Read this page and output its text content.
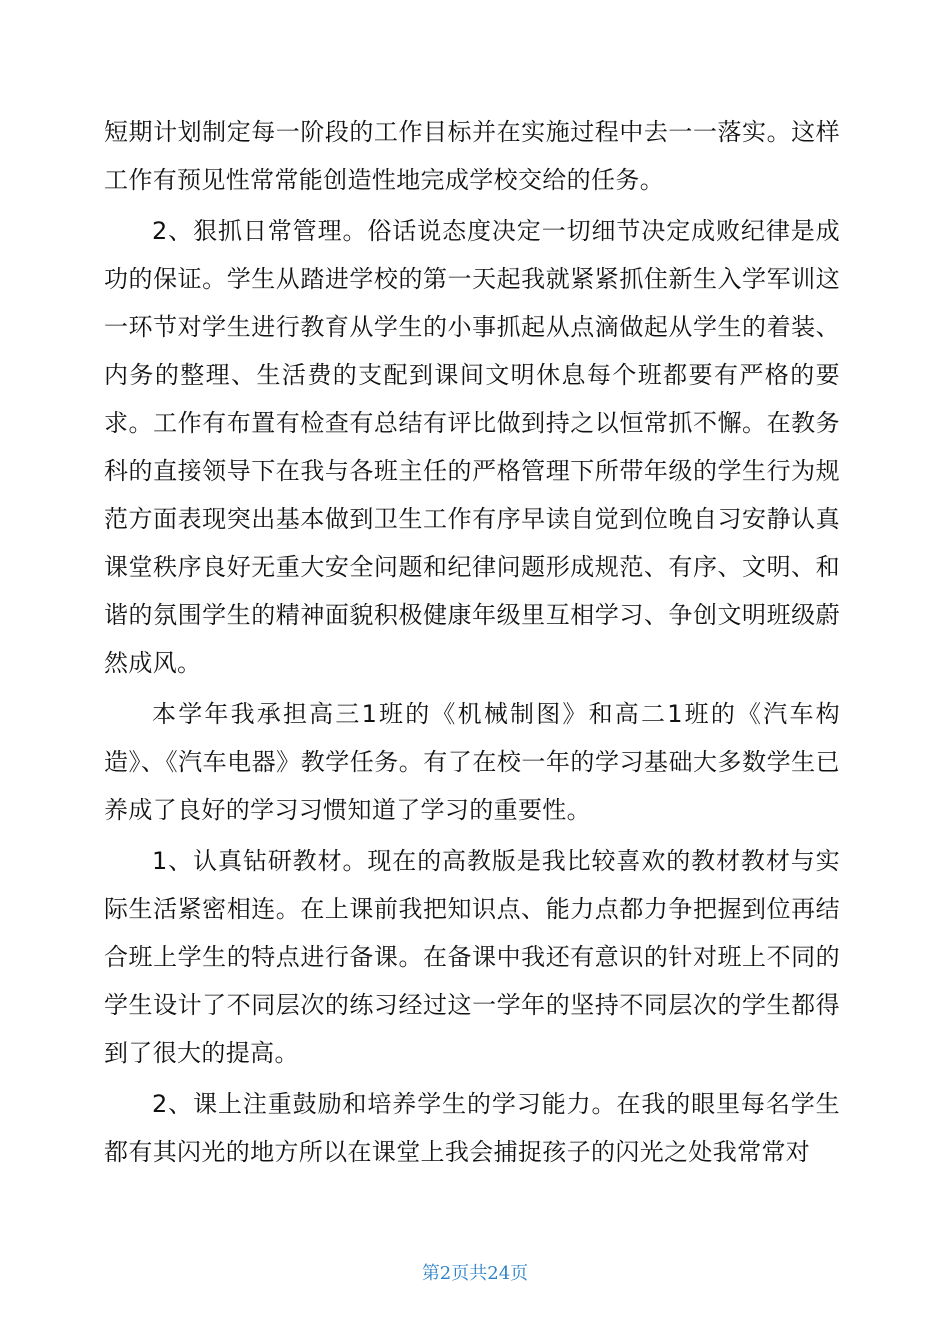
短期计划制定每一阶段的工作目标并在实施过程中去一一落实。这样工作有预见性常常能创造性地完成学校交给的任务。

2、狠抓日常管理。俗话说态度决定一切细节决定成败纪律是成功的保证。学生从踏进学校的第一天起我就紧紧抓住新生入学军训这一环节对学生进行教育从学生的小事抓起从点滴做起从学生的着装、内务的整理、生活费的支配到课间文明休息每个班都要有严格的要求。工作有布置有检查有总结有评比做到持之以恒常抓不懈。在教务科的直接领导下在我与各班主任的严格管理下所带年级的学生行为规范方面表现突出基本做到卫生工作有序早读自觉到位晚自习安静认真课堂秩序良好无重大安全问题和纪律问题形成规范、有序、文明、和谐的氛围学生的精神面貌积极健康年级里互相学习、争创文明班级蔚然成风。

本学年我承担高三1班的《机械制图》和高二1班的《汽车构造》、《汽车电器》教学任务。有了在校一年的学习基础大多数学生已养成了良好的学习习惯知道了学习的重要性。

1、认真钻研教材。现在的高教版是我比较喜欢的教材教材与实际生活紧密相连。在上课前我把知识点、能力点都力争把握到位再结合班上学生的特点进行备课。在备课中我还有意识的针对班上不同的学生设计了不同层次的练习经过这一学年的坚持不同层次的学生都得到了很大的提高。

2、课上注重鼓励和培养学生的学习能力。在我的眼里每名学生都有其闪光的地方所以在课堂上我会捕捉孩子的闪光之处我常常对

第2页共24页
